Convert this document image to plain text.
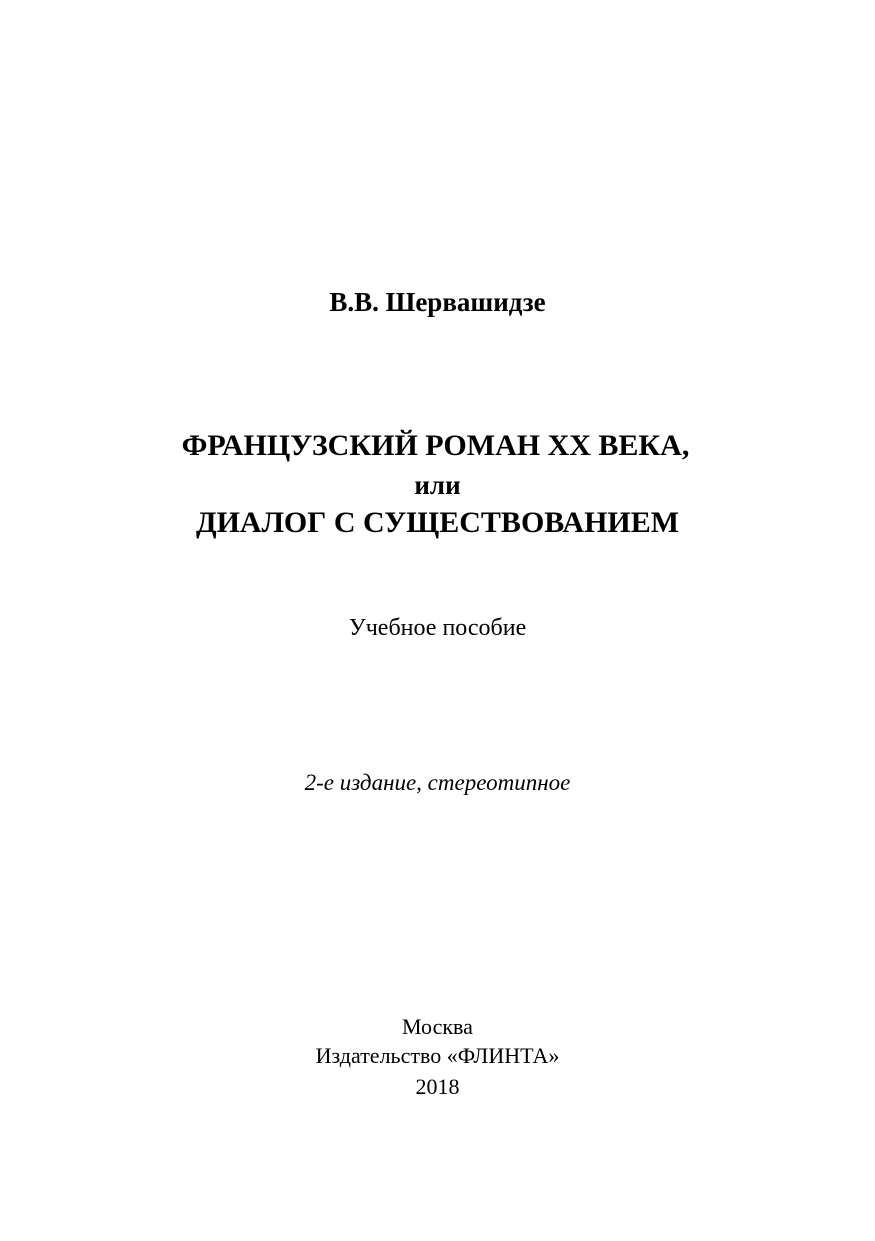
В.В. Шервашидзе
ФРАНЦУЗСКИЙ РОМАН XX ВЕКА,
или
ДИАЛОГ С СУЩЕСТВОВАНИЕМ
Учебное пособие
2-е издание, стереотипное
Москва
Издательство «ФЛИНТА»
2018
